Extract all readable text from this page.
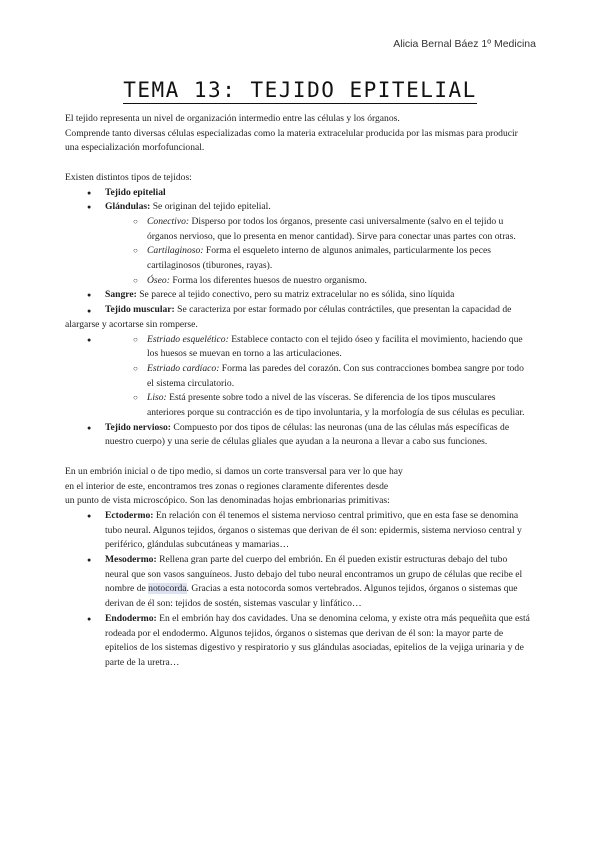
Alicia Bernal Báez 1º Medicina
TEMA 13: TEJIDO EPITELIAL

El tejido representa un nivel de organización intermedio entre las células y los órganos.

Comprende tanto diversas células especializadas como la materia extracelular producida por las mismas para producir una especialización morfofuncional.

Existen distintos tipos de tejidos:

● Tejido epitelial
● Glándulas: Se originan del tejido epitelial.
○ Conectivo: Disperso por todos los órganos, presente casi universalmente (salvo en el tejido u órganos nervioso, que lo presenta en menor cantidad). Sirve para conectar unas partes con otras.
○ Cartilaginoso: Forma el esqueleto interno de algunos animales, particularmente los peces cartilaginosos (tiburones, rayas).
○ Óseo: Forma los diferentes huesos de nuestro organismo.
● Sangre: Se parece al tejido conectivo, pero su matriz extracelular no es sólida, sino líquida

● Tejido muscular: Se caracteriza por estar formado por células contráctiles, que presentan la capacidad de alargarse y acortarse sin romperse.

○ ● Estriado esquelético: Establece contacto con el tejido óseo y facilita el movimiento, haciendo que los huesos se muevan en torno a las articulaciones.
○ Estriado cardíaco: Forma las paredes del corazón. Con sus contracciones bombea sangre por todo el sistema circulatorio.
○ Liso: Está presente sobre todo a nivel de las vísceras. Se diferencia de los tipos musculares anteriores porque su contracción es de tipo involuntaria, y la morfología de sus células es peculiar.
● Tejido nervioso: Compuesto por dos tipos de células: las neuronas (una de las células más específicas de nuestro cuerpo) y una serie de células gliales que ayudan a la neurona a llevar a cabo sus funciones.

En un embrión inicial o de tipo medio, si damos un corte transversal para ver lo que hay

en el interior de este, encontramos tres zonas o regiones claramente diferentes desde

un punto de vista microscópico. Son las denominadas hojas embrionarias primitivas:

● Ectodermo: En relación con él tenemos el sistema nervioso central primitivo, que en esta fase se denomina tubo neural. Algunos tejidos, órganos o sistemas que derivan de él son: epidermis, sistema nervioso central y periférico, glándulas subcutáneas y mamarias…
● Mesodermo: Rellena gran parte del cuerpo del embrión. En él pueden existir estructuras debajo del tubo neural que son vasos sanguíneos. Justo debajo del tubo neural encontramos un grupo de células que recibe el nombre de notocorda. Gracias a esta notocorda somos vertebrados. Algunos tejidos, órganos o sistemas que derivan de él son: tejidos de sostén, sistemas vascular y linfático…
● Endodermo: En el embrión hay dos cavidades. Una se denomina celoma, y existe otra más pequeñita que está rodeada por el endodermo. Algunos tejidos, órganos o sistemas que derivan de él son: la mayor parte de epitelios de los sistemas digestivo y respiratorio y sus glándulas asociadas, epitelios de la vejiga urinaria y de parte de la uretra…
